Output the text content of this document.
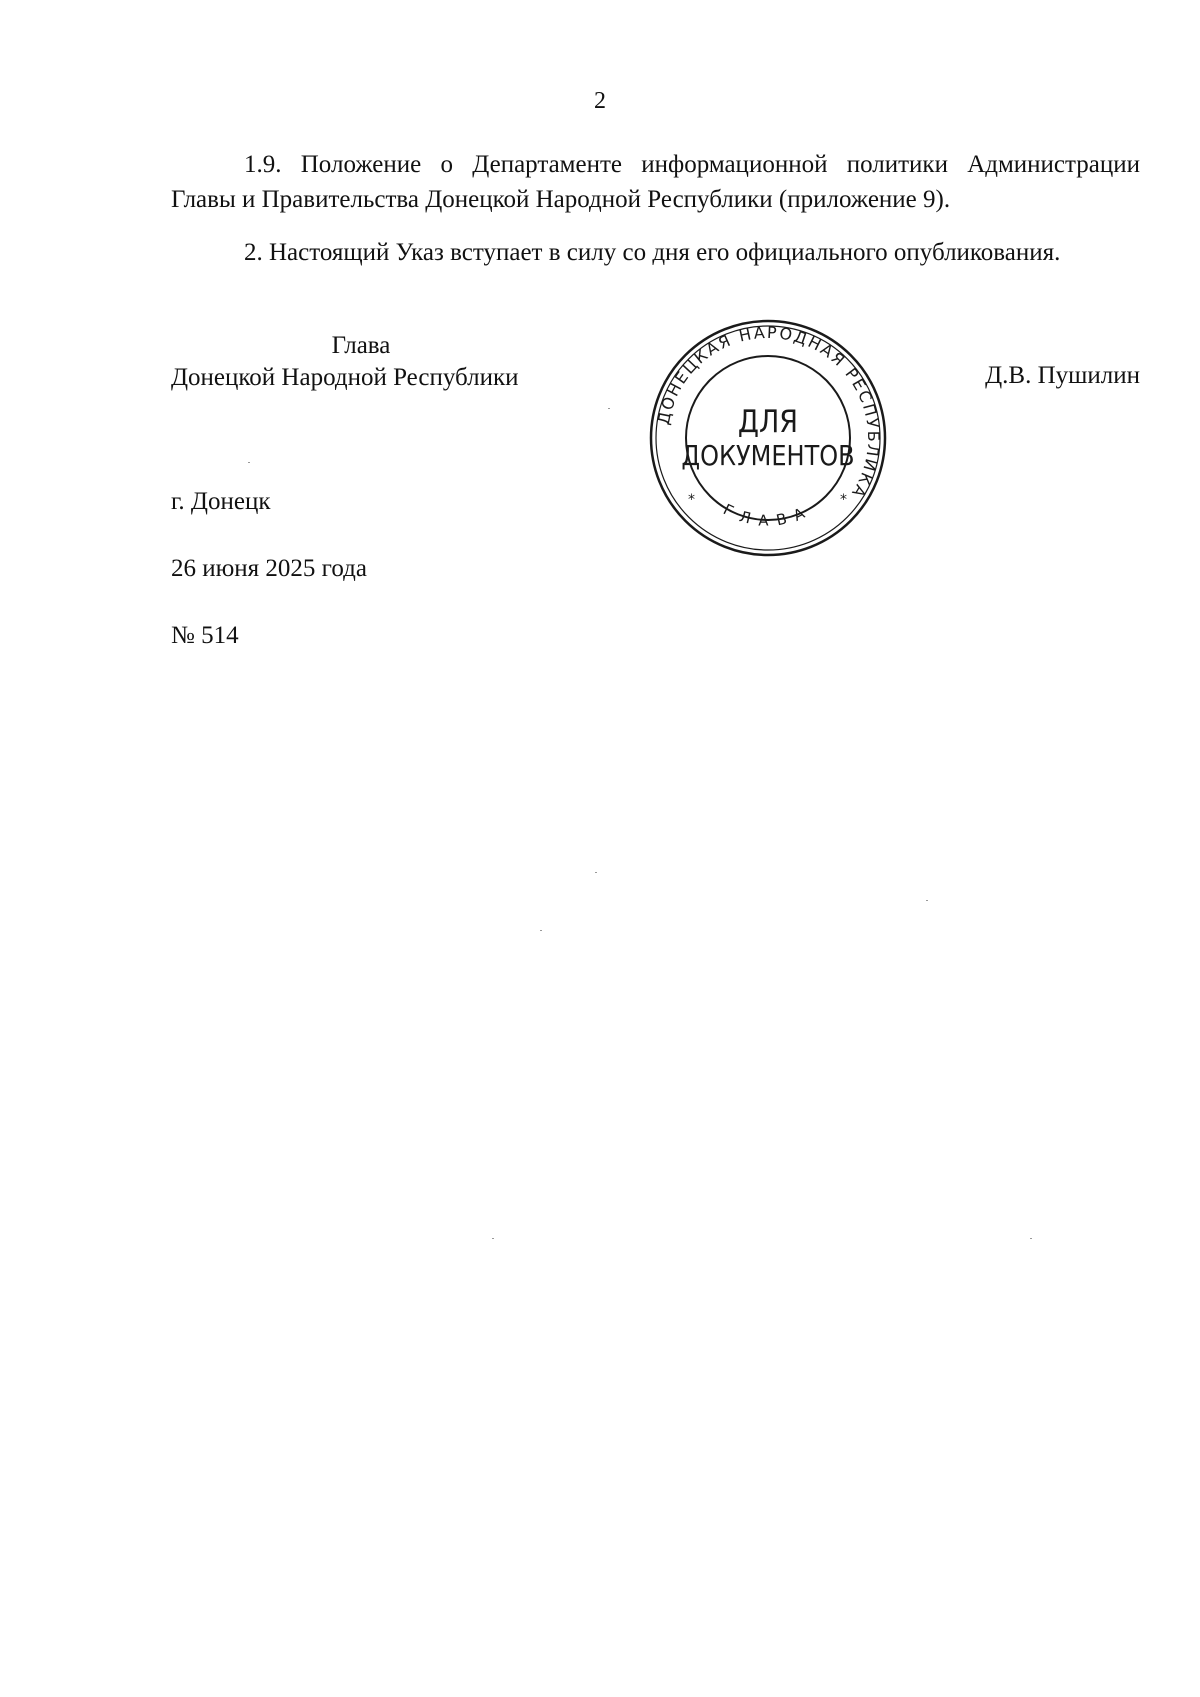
2
1.9. Положение о Департаменте информационной политики Администрации
Главы и Правительства Донецкой Народной Республики (приложение 9).
2. Настоящий Указ вступает в силу со дня его официального опубликования.
Глава
Донецкой Народной Республики	Д.В. Пушилин
ДОНЕЦКАЯ НАРОДНАЯ РЕСПУБЛИКА
ГЛАВА
*	*
ДЛЯ
ДОКУМЕНТОВ
г. Донецк
26 июня 2025 года
№ 514
